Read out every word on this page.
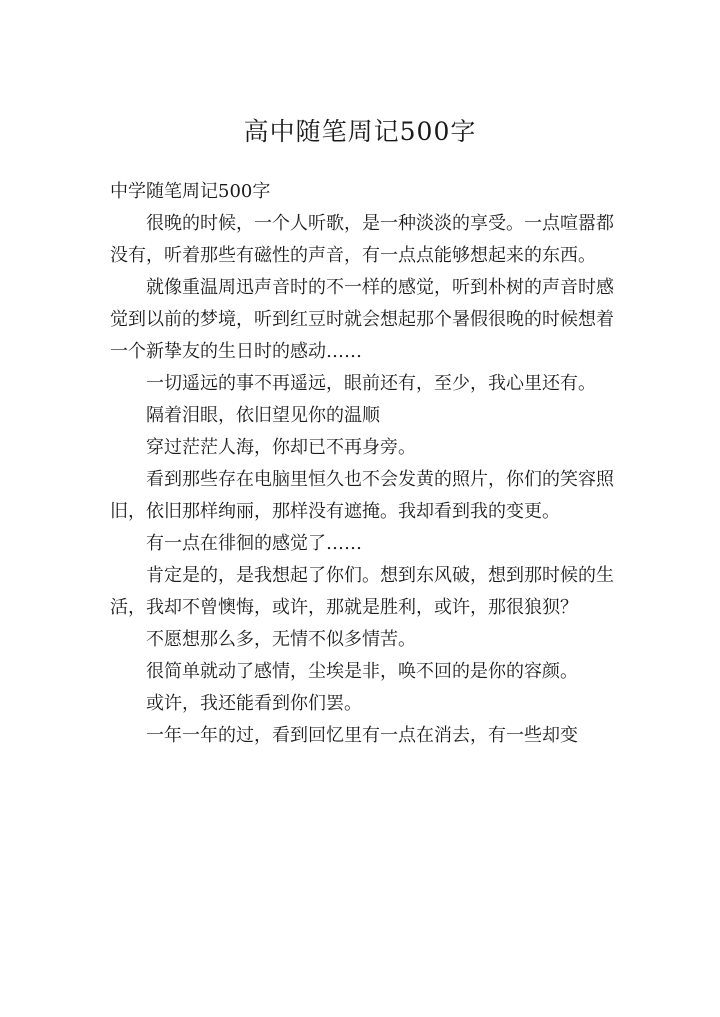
高中随笔周记500字

中学随笔周记500字

很晚的时候，一个人听歌，是一种淡淡的享受。一点喧嚣都没有，听着那些有磁性的声音，有一点点能够想起来的东西。

就像重温周迅声音时的不一样的感觉，听到朴树的声音时感觉到以前的梦境，听到红豆时就会想起那个暑假很晚的时候想着一个新挚友的生日时的感动……

一切遥远的事不再遥远，眼前还有，至少，我心里还有。

隔着泪眼，依旧望见你的温顺

穿过茫茫人海，你却已不再身旁。

看到那些存在电脑里恒久也不会发黄的照片，你们的笑容照旧，依旧那样绚丽，那样没有遮掩。我却看到我的变更。

有一点在徘徊的感觉了……

肯定是的，是我想起了你们。想到东风破，想到那时候的生活，我却不曾懊悔，或许，那就是胜利，或许，那很狼狈？

不愿想那么多，无情不似多情苦。

很简单就动了感情，尘埃是非，唤不回的是你的容颜。

或许，我还能看到你们罢。

一年一年的过，看到回忆里有一点在消去，有一些却变
